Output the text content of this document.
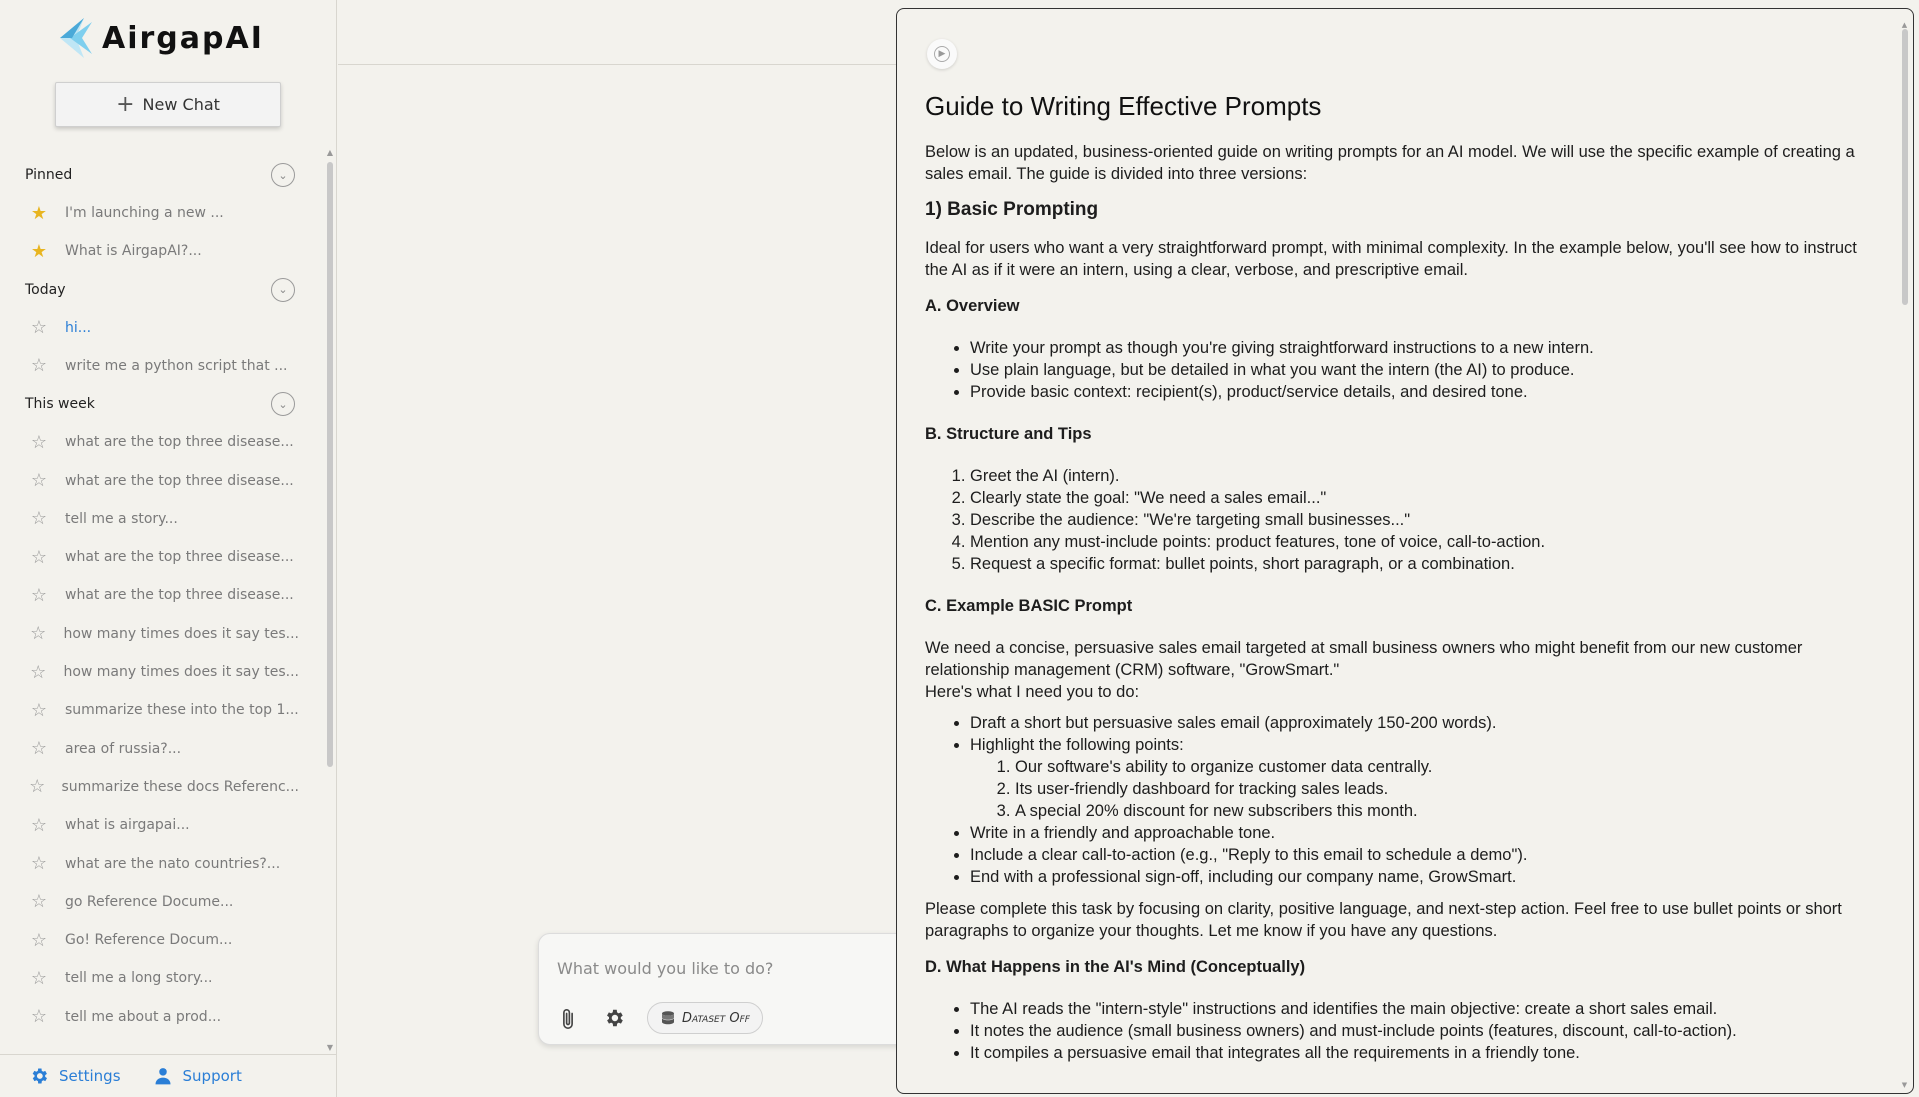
AirgapAI
+ New Chat
Pinned	⌄
★ I'm launching a new ...
★ What is AirgapAI?...
Today	⌄
☆ hi...
☆ write me a python script that ...
This week	⌄
☆ what are the top three disease...
☆ what are the top three disease...
☆ tell me a story...
☆ what are the top three disease...
☆ what are the top three disease...
☆ how many times does it say tes...
☆ how many times does it say tes...
☆ summarize these into the top 1...
☆ area of russia?...
☆ summarize these docs Referenc...
☆ what is airgapai...
☆ what are the nato countries?...
☆ go Reference Docume...
☆ Go! Reference Docum...
☆ tell me a long story...
☆ tell me about a prod...
▲
▼
Settings	Support
What would you like to do?
Dataset Off
▶
Guide to Writing Effective Prompts

Below is an updated, business-oriented guide on writing prompts for an AI model. We will use the specific example of creating a sales email. The guide is divided into three versions:

1) Basic Prompting

Ideal for users who want a very straightforward prompt, with minimal complexity. In the example below, you'll see how to instruct the AI as if it were an intern, using a clear, verbose, and prescriptive email.

A. Overview
• Write your prompt as though you're giving straightforward instructions to a new intern.
• Use plain language, but be detailed in what you want the intern (the AI) to produce.
• Provide basic context: recipient(s), product/service details, and desired tone.
B. Structure and Tips
1. Greet the AI (intern).
2. Clearly state the goal: "We need a sales email..."
3. Describe the audience: "We're targeting small businesses..."
4. Mention any must-include points: product features, tone of voice, call-to-action.
5. Request a specific format: bullet points, short paragraph, or a combination.
C. Example BASIC Prompt

We need a concise, persuasive sales email targeted at small business owners who might benefit from our new customer relationship management (CRM) software, "GrowSmart."

Here's what I need you to do:

• Draft a short but persuasive sales email (approximately 150-200 words).
• Highlight the following points:
1. Our software's ability to organize customer data centrally.
2. Its user-friendly dashboard for tracking sales leads.
3. A special 20% discount for new subscribers this month.
• Write in a friendly and approachable tone.
• Include a clear call-to-action (e.g., "Reply to this email to schedule a demo").
• End with a professional sign-off, including our company name, GrowSmart.

Please complete this task by focusing on clarity, positive language, and next-step action. Feel free to use bullet points or short paragraphs to organize your thoughts. Let me know if you have any questions.

D. What Happens in the AI's Mind (Conceptually)
• The AI reads the "intern-style" instructions and identifies the main objective: create a short sales email.
• It notes the audience (small business owners) and must-include points (features, discount, call-to-action).
• It compiles a persuasive email that integrates all the requirements in a friendly tone.
▲
▼
